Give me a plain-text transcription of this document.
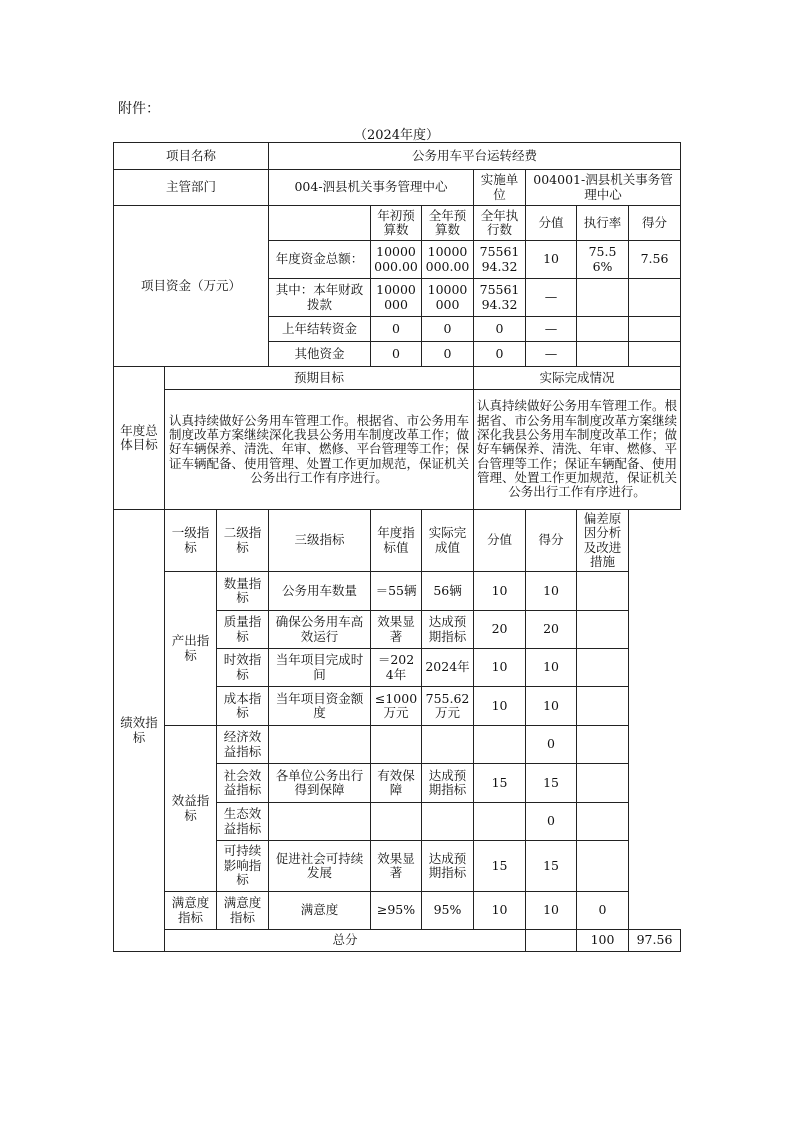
附件：
（2024年度）
项目名称			公务用车平台运转经费							
主管部门			004-泗县机关事务管理中心			实施单位	004001-泗县机关事务管理中心			
项目资金（万元）				年初预算数	全年预算数	全年执行数	分值	执行率	得分	
			年度资金总额：	10000000.00	10000000.00	7556194.32	10	75.56%	7.56	
			其中：本年财政拨款	10000000	10000000	7556194.32	—			
			上年结转资金	0	0	0	—			
			其他资金	0	0	0	—			
年度总体目标	预期目标					实际完成情况				
	认真持续做好公务用车管理工作。根据省、市公务用车制度改革方案继续深化我县公务用车制度改革工作；做好车辆保养、清洗、年审、燃修、平台管理等工作；保证车辆配备、使用管理、处置工作更加规范，保证机关公务出行工作有序进行。					认真持续做好公务用车管理工作。根据省、市公务用车制度改革方案继续深化我县公务用车制度改革工作；做好车辆保养、清洗、年审、燃修、平台管理等工作；保证车辆配备、使用管理、处置工作更加规范，保证机关公务出行工作有序进行。				
绩效指标	一级指标	二级指标	三级指标	年度指标值	实际完成值	分值	得分	偏差原因分析及改进措施		
	产出指标	数量指标	公务用车数量	＝55辆	56辆	10	10			
		质量指标	确保公务用车高效运行	效果显著	达成预期指标	20	20			
		时效指标	当年项目完成时间	＝2024年	2024年	10	10			
		成本指标	当年项目资金额度	≤1000万元	755.62万元	10	10			
	效益指标	经济效益指标					0			
		社会效益指标	各单位公务出行得到保障	有效保障	达成预期指标	15	15			
		生态效益指标					0			
		可持续影响指标	促进社会可持续发展	效果显著	达成预期指标	15	15			
	满意度指标	满意度指标	满意度	≥95%	95%	10	10	0		
	总分							100	97.56	
